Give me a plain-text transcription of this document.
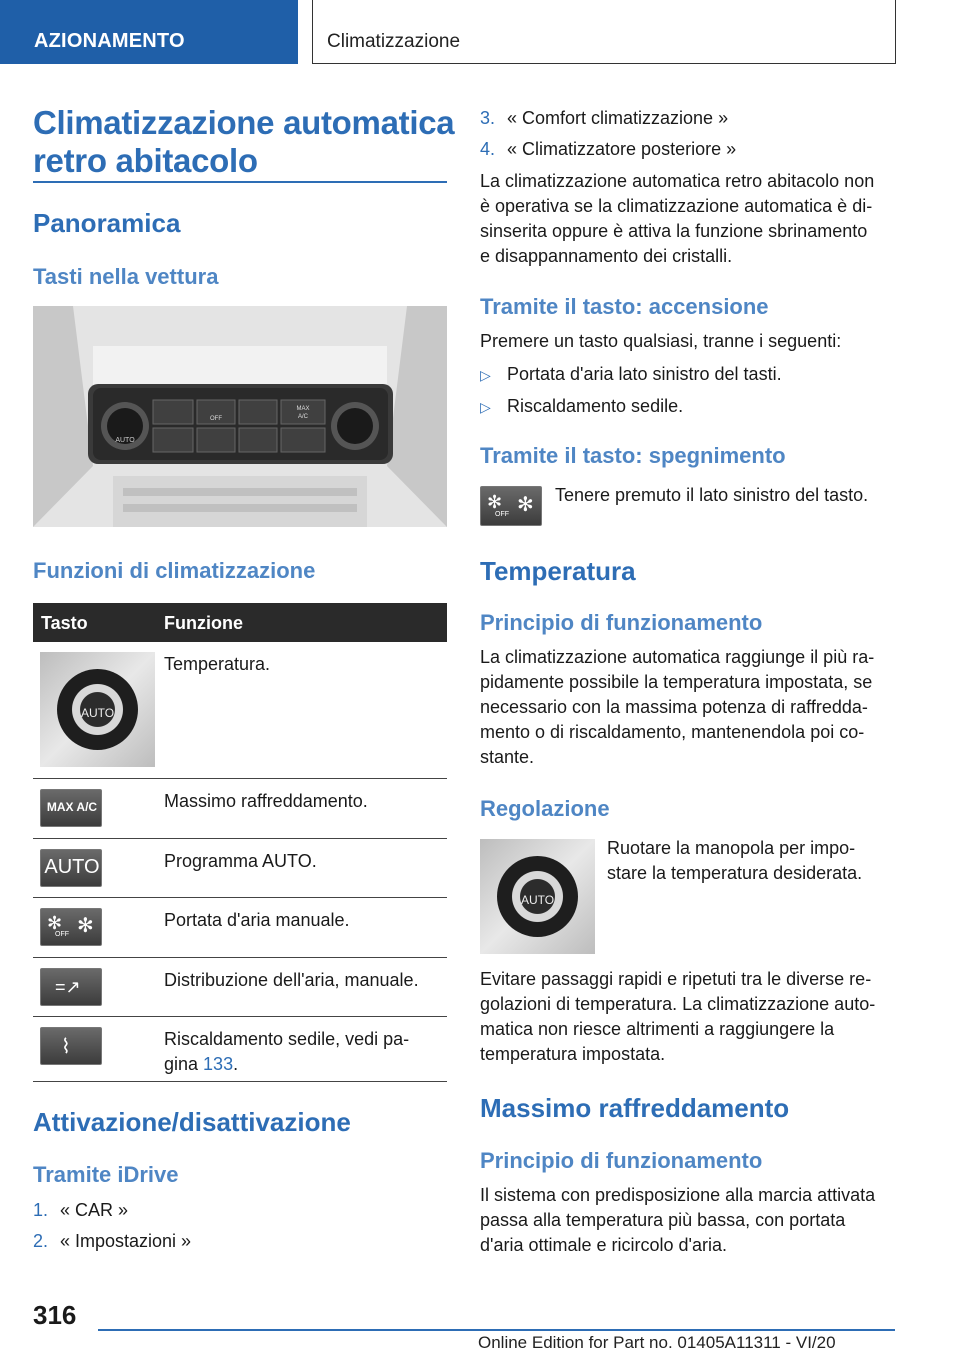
AZIONAMENTO	Climatizzazione
Climatizzazione automatica
retro abitacolo
Panoramica
Tasti nella vettura
AUTO
OFF
MAX
A/C
Funzioni di climatizzazione
Tasto	Funzione
AUTO
Temperatura.
MAX A/C	Massimo raffreddamento.
AUTO	Programma AUTO.
✻
OFF ✻	Portata d'aria manuale.
=↗	Distribuzione dell'aria, manuale.
⌇	Riscaldamento sedile, vedi pa-
gina 133.
Attivazione/disattivazione
Tramite iDrive
1. « CAR »
2. « Impostazioni »
3. « Comfort climatizzazione »
4. « Climatizzatore posteriore »
La climatizzazione automatica retro abitacolo non
è operativa se la climatizzazione automatica è di-
sinserita oppure è attiva la funzione sbrinamento
e disappannamento dei cristalli.
Tramite il tasto: accensione
Premere un tasto qualsiasi, tranne i seguenti:
▷ Portata d'aria lato sinistro del tasti.
▷ Riscaldamento sedile.
Tramite il tasto: spegnimento
✻
OFF ✻ Tenere premuto il lato sinistro del tasto.
Temperatura
Principio di funzionamento
La climatizzazione automatica raggiunge il più ra-
pidamente possibile la temperatura impostata, se
necessario con la massima potenza di raffredda-
mento o di riscaldamento, mantenendola poi co-
stante.
Regolazione
AUTO
Ruotare la manopola per impo-
stare la temperatura desiderata.
Evitare passaggi rapidi e ripetuti tra le diverse re-
golazioni di temperatura. La climatizzazione auto-
matica non riesce altrimenti a raggiungere la
temperatura impostata.
Massimo raffreddamento
Principio di funzionamento
Il sistema con predisposizione alla marcia attivata
passa alla temperatura più bassa, con portata
d'aria ottimale e ricircolo d'aria.
316
Online Edition for Part no. 01405A11311 - VI/20
